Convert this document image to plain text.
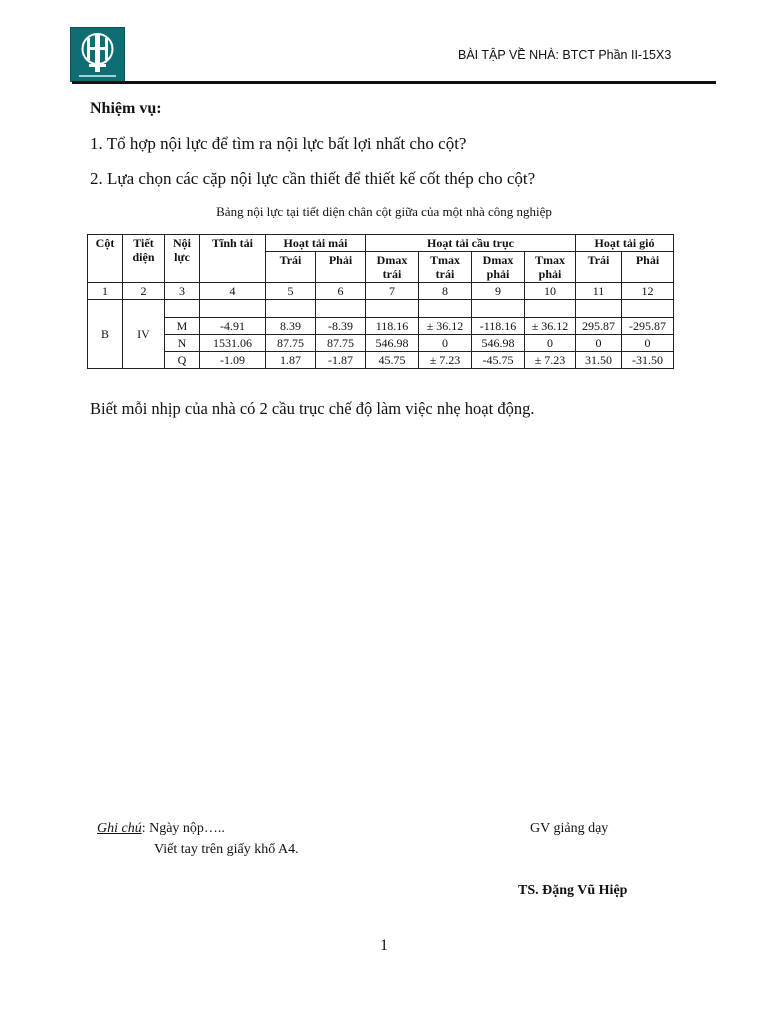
BÀI TẬP VỀ NHÀ: BTCT Phần II-15X3
Nhiệm vụ:
1. Tổ hợp nội lực để tìm ra nội lực bất lợi nhất cho cột?
2. Lựa chọn các cặp nội lực cần thiết để thiết kế cốt thép cho cột?
Bảng nội lực tại tiết diện chân cột giữa của một nhà công nghiệp
Cột	Tiết diện	Nội lực	Tĩnh tải	Hoạt tải mái		Hoạt tải cầu trục				Hoạt tải gió	
				Trái	Phải	Dmax trái	Tmax trái	Dmax phải	Tmax phải	Trái	Phải
1	2	3	4	5	6	7	8	9	10	11	12
B	IV										
		M	-4.91	8.39	-8.39	118.16	± 36.12	-118.16	± 36.12	295.87	-295.87
		N	1531.06	87.75	87.75	546.98	0	546.98	0	0	0
		Q	-1.09	1.87	-1.87	45.75	± 7.23	-45.75	± 7.23	31.50	-31.50
Biết mỗi nhịp của nhà có 2 cầu trục chế độ làm việc nhẹ hoạt động.
Ghi chú: Ngày nộp…..
Viết tay trên giấy khổ A4.
GV giảng dạy
TS. Đặng Vũ Hiệp
1
